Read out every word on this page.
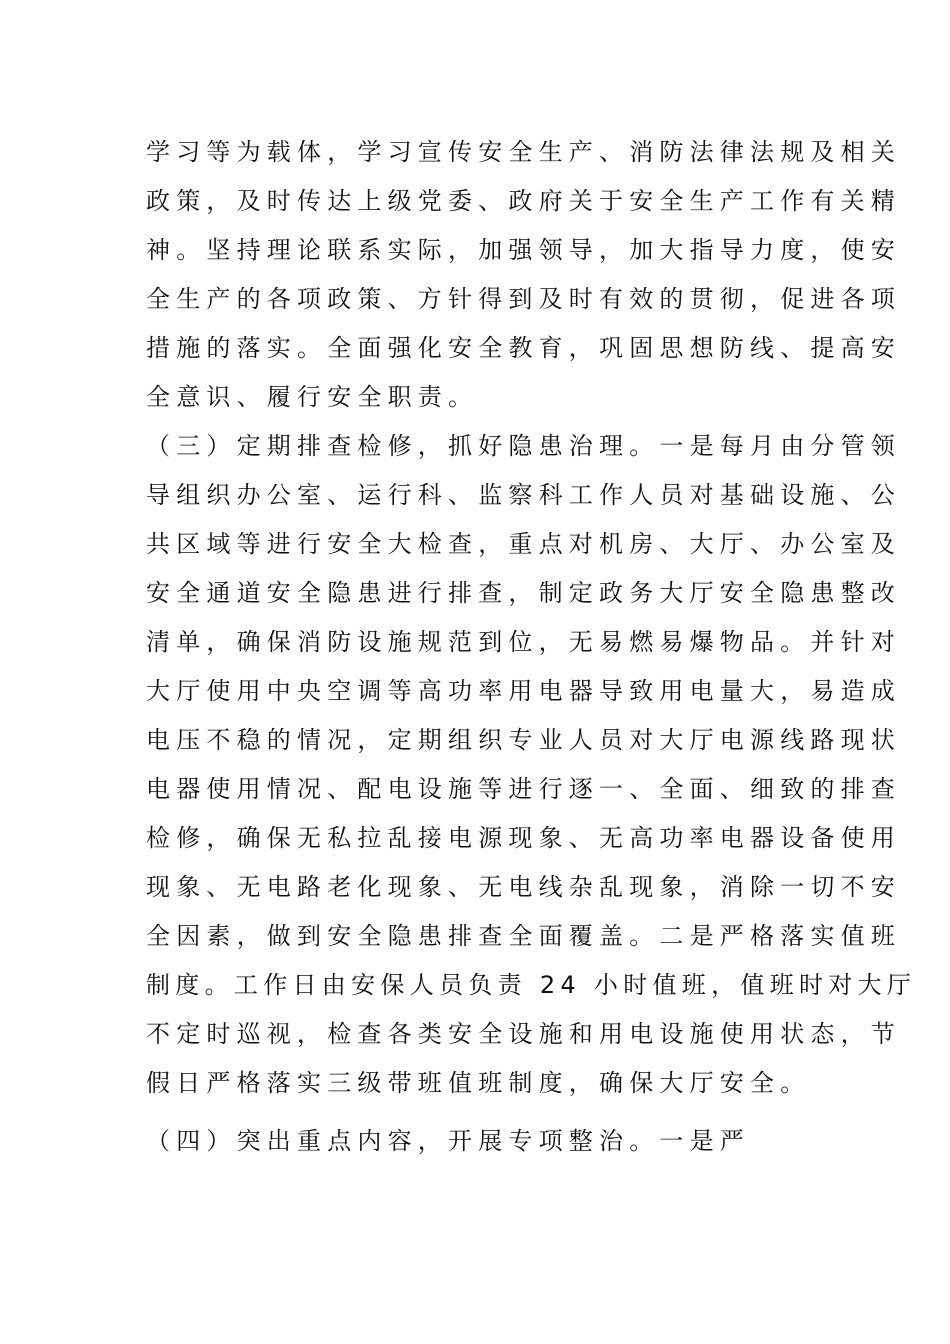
学习等为载体，学习宣传安全生产、消防法律法规及相关
政策，及时传达上级党委、政府关于安全生产工作有关精
神。坚持理论联系实际，加强领导，加大指导力度，使安
全生产的各项政策、方针得到及时有效的贯彻，促进各项
措施的落实。全面强化安全教育，巩固思想防线、提高安
全意识、履行安全职责。
（三）定期排查检修，抓好隐患治理。一是每月由分管领
导组织办公室、运行科、监察科工作人员对基础设施、公
共区域等进行安全大检查，重点对机房、大厅、办公室及
安全通道安全隐患进行排查，制定政务大厅安全隐患整改
清单，确保消防设施规范到位，无易燃易爆物品。并针对
大厅使用中央空调等高功率用电器导致用电量大，易造成
电压不稳的情况，定期组织专业人员对大厅电源线路现状
电器使用情况、配电设施等进行逐一、全面、细致的排查
检修，确保无私拉乱接电源现象、无高功率电器设备使用
现象、无电路老化现象、无电线杂乱现象，消除一切不安
全因素，做到安全隐患排查全面覆盖。二是严格落实值班
制度。工作日由安保人员负责 24 小时值班，值班时对大厅
不定时巡视，检查各类安全设施和用电设施使用状态，节
假日严格落实三级带班值班制度，确保大厅安全。
（四）突出重点内容，开展专项整治。一是严
